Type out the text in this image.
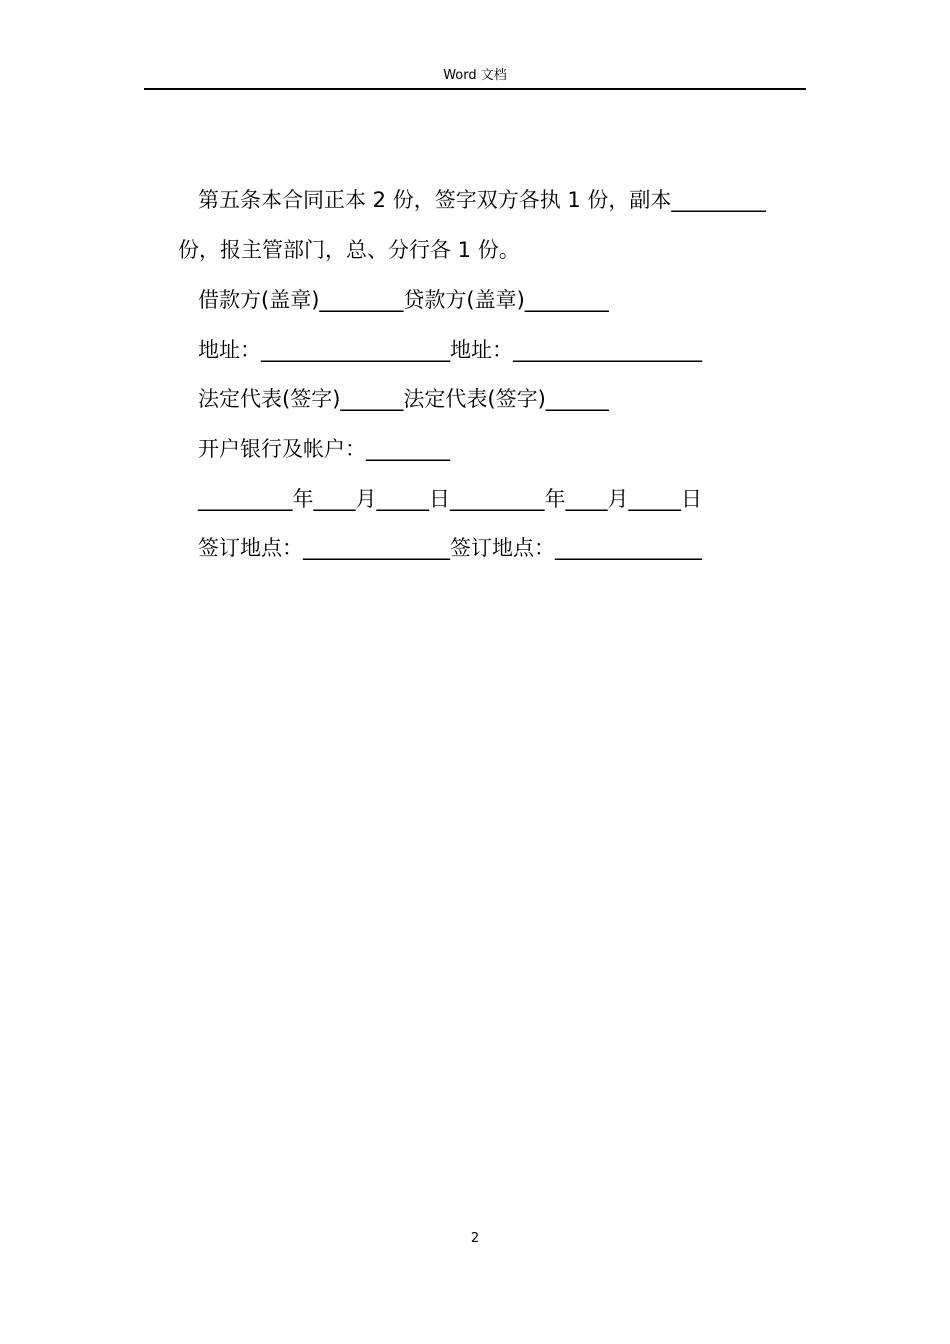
Word 文档
第五条本合同正本 2 份，签字双方各执 1 份，副本_________
份，报主管部门，总、分行各 1 份。
借款方(盖章)________贷款方(盖章)________
地址：__________________地址：__________________
法定代表(签字)______法定代表(签字)______
开户银行及帐户：________
_________年____月_____日_________年____月_____日
签订地点：______________签订地点：______________
2
